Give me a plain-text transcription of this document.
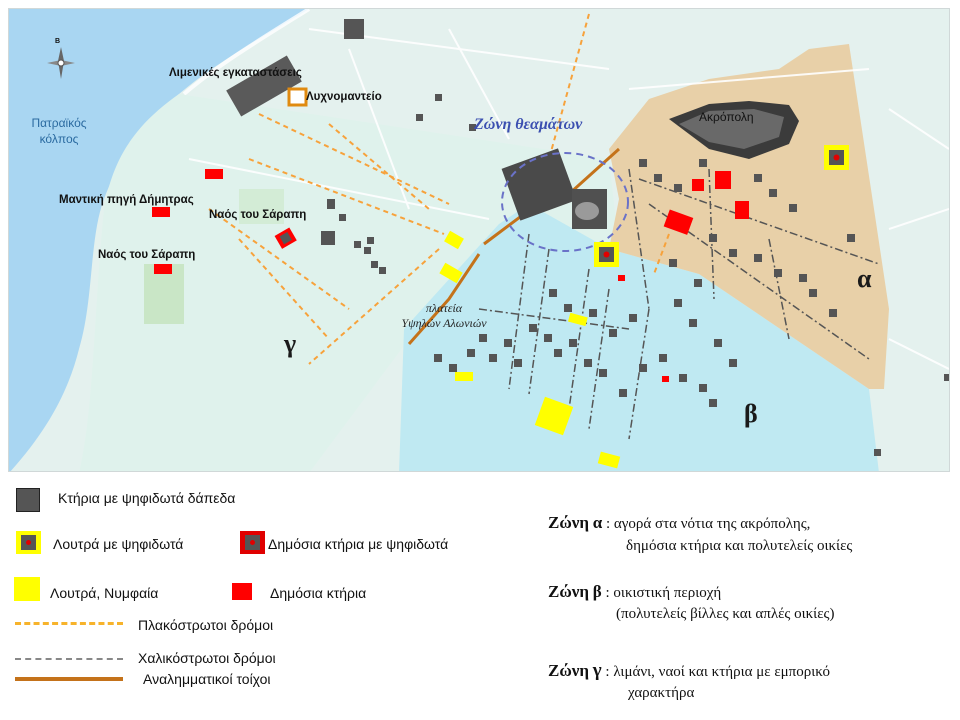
B
Πατραϊκός
κόλπος
Λιμενικές εγκαταστάσεις
Λυχνομαντείο
Μαντική πηγή Δήμητρας
Ναός του Σάραπη
Ναός του Σάραπη
Ακρόπολη
Ζώνη θεαμάτων
πλατεία
Υψηλών Αλωνιών
α
β
γ
Κτήρια με ψηφιδωτά δάπεδα
Λουτρά με ψηφιδωτά	Δημόσια κτήρια με ψηφιδωτά
Λουτρά, Νυμφαία	Δημόσια κτήρια
Πλακόστρωτοι δρόμοι
Χαλικόστρωτοι δρόμοι
Αναλημματικοί τοίχοι
Ζώνη α : αγορά στα νότια της ακρόπολης,
δημόσια κτήρια και πολυτελείς οικίες
Ζώνη β : οικιστική περιοχή
(πολυτελείς βίλλες και απλές οικίες)
Ζώνη γ : λιμάνι, ναοί και κτήρια με εμπορικό
χαρακτήρα
